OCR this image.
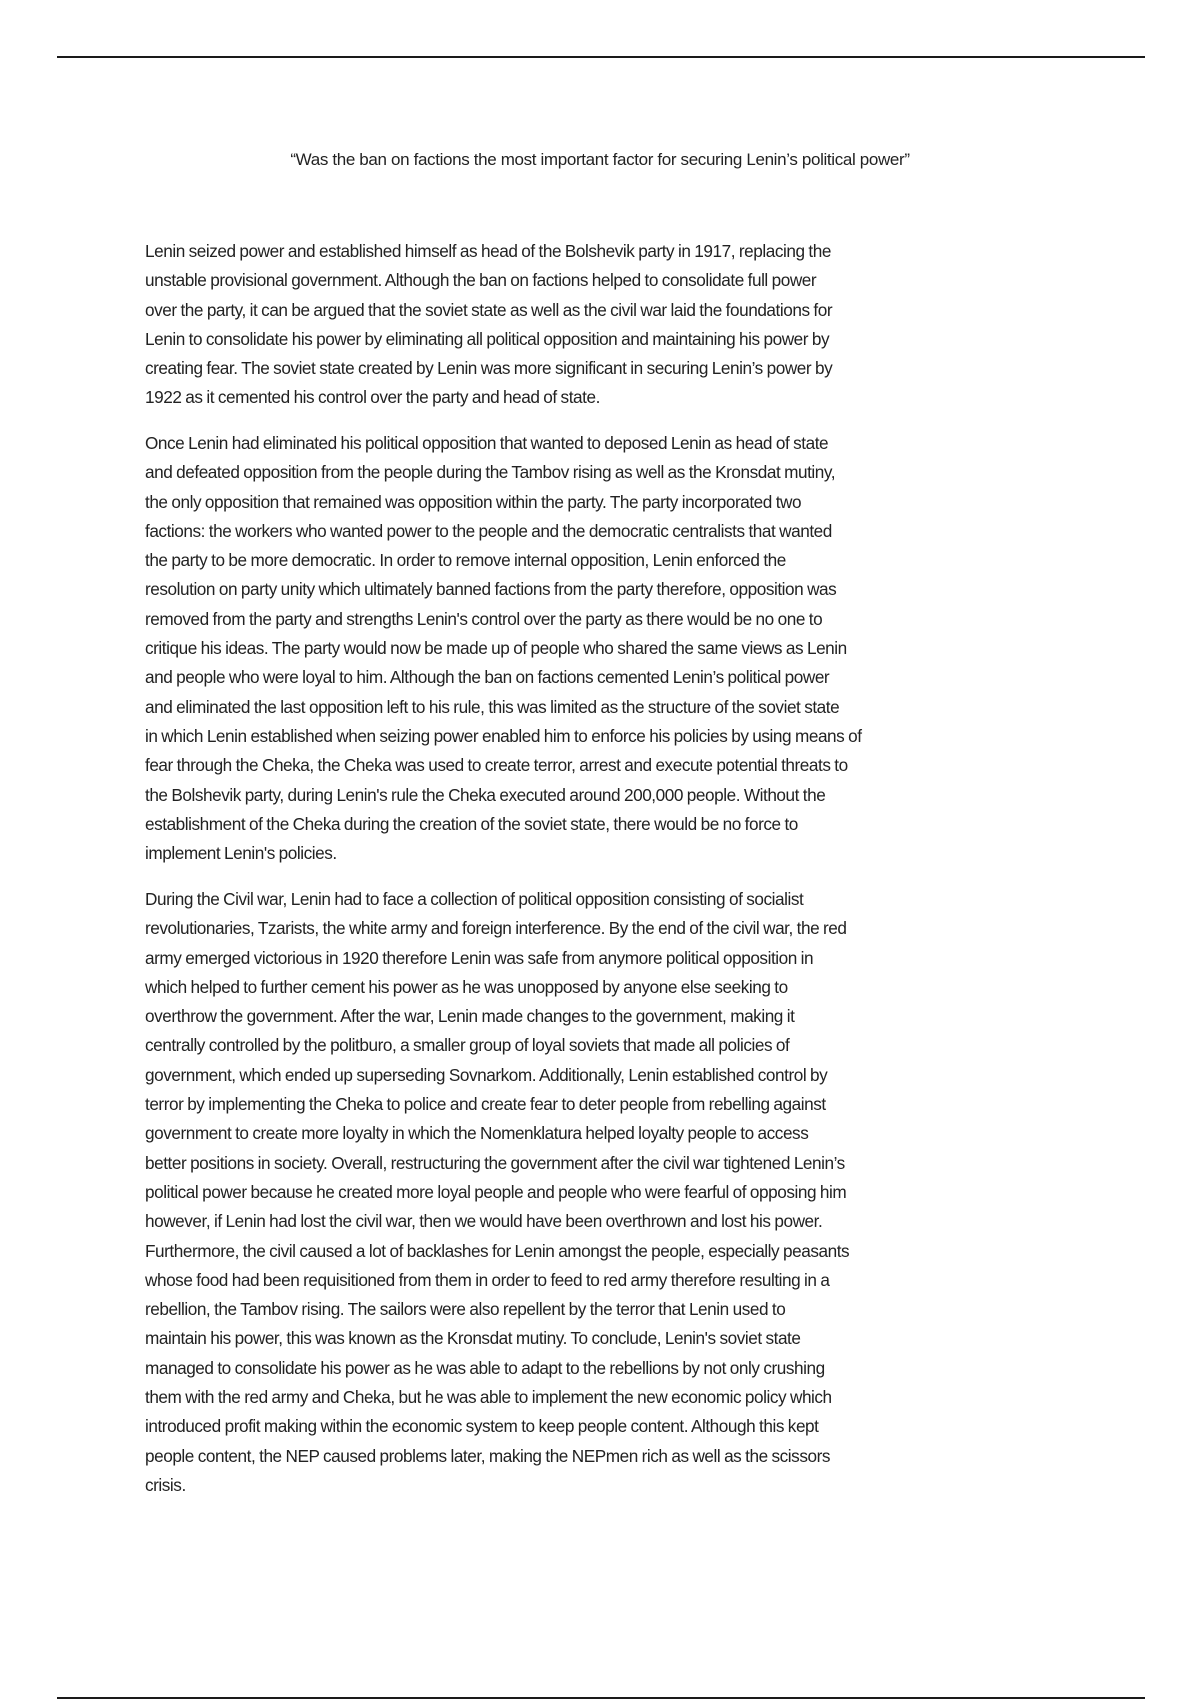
“Was the ban on factions the most important factor for securing Lenin’s political power”
Lenin seized power and established himself as head of the Bolshevik party in 1917, replacing the
unstable provisional government. Although the ban on factions helped to consolidate full power
over the party, it can be argued that the soviet state as well as the civil war laid the foundations for
Lenin to consolidate his power by eliminating all political opposition and maintaining his power by
creating fear. The soviet state created by Lenin was more significant in securing Lenin’s power by
1922 as it cemented his control over the party and head of state.
Once Lenin had eliminated his political opposition that wanted to deposed Lenin as head of state
and defeated opposition from the people during the Tambov rising as well as the Kronsdat mutiny,
the only opposition that remained was opposition within the party. The party incorporated two
factions: the workers who wanted power to the people and the democratic centralists that wanted
the party to be more democratic. In order to remove internal opposition, Lenin enforced the
resolution on party unity which ultimately banned factions from the party therefore, opposition was
removed from the party and strengths Lenin's control over the party as there would be no one to
critique his ideas. The party would now be made up of people who shared the same views as Lenin
and people who were loyal to him. Although the ban on factions cemented Lenin’s political power
and eliminated the last opposition left to his rule, this was limited as the structure of the soviet state
in which Lenin established when seizing power enabled him to enforce his policies by using means of
fear through the Cheka, the Cheka was used to create terror, arrest and execute potential threats to
the Bolshevik party, during Lenin's rule the Cheka executed around 200,000 people. Without the
establishment of the Cheka during the creation of the soviet state, there would be no force to
implement Lenin's policies.
During the Civil war, Lenin had to face a collection of political opposition consisting of socialist
revolutionaries, Tzarists, the white army and foreign interference. By the end of the civil war, the red
army emerged victorious in 1920 therefore Lenin was safe from anymore political opposition in
which helped to further cement his power as he was unopposed by anyone else seeking to
overthrow the government. After the war, Lenin made changes to the government, making it
centrally controlled by the politburo, a smaller group of loyal soviets that made all policies of
government, which ended up superseding Sovnarkom. Additionally, Lenin established control by
terror by implementing the Cheka to police and create fear to deter people from rebelling against
government to create more loyalty in which the Nomenklatura helped loyalty people to access
better positions in society. Overall, restructuring the government after the civil war tightened Lenin’s
political power because he created more loyal people and people who were fearful of opposing him
however, if Lenin had lost the civil war, then we would have been overthrown and lost his power.
Furthermore, the civil caused a lot of backlashes for Lenin amongst the people, especially peasants
whose food had been requisitioned from them in order to feed to red army therefore resulting in a
rebellion, the Tambov rising. The sailors were also repellent by the terror that Lenin used to
maintain his power, this was known as the Kronsdat mutiny. To conclude, Lenin's soviet state
managed to consolidate his power as he was able to adapt to the rebellions by not only crushing
them with the red army and Cheka, but he was able to implement the new economic policy which
introduced profit making within the economic system to keep people content. Although this kept
people content, the NEP caused problems later, making the NEPmen rich as well as the scissors
crisis.
